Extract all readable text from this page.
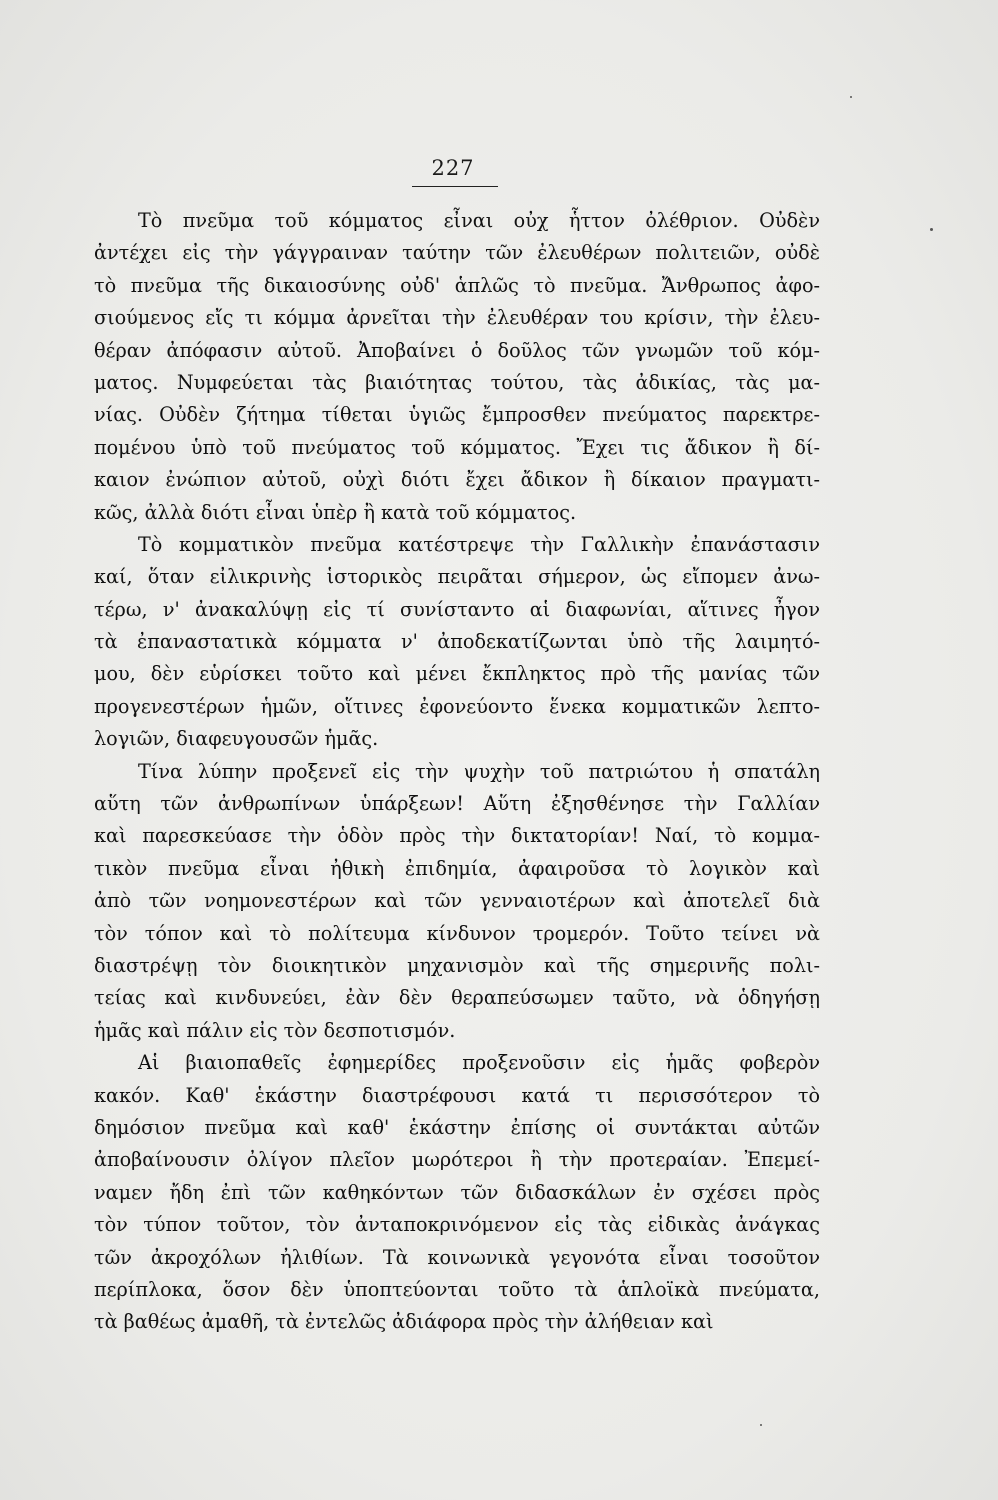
227
Τὸ πνεῦμα τοῦ κόμματος εἶναι οὐχ ἧττον ὀλέθριον. Οὐδὲν
ἀντέχει εἰς τὴν γάγγραιναν ταύτην τῶν ἐλευθέρων πολιτειῶν, οὐδὲ
τὸ πνεῦμα τῆς δικαιοσύνης οὐδ' ἁπλῶς τὸ πνεῦμα. Ἄνθρωπος ἀφο-
σιούμενος εἴς τι κόμμα ἀρνεῖται τὴν ἐλευθέραν του κρίσιν, τὴν ἐλευ-
θέραν ἀπόφασιν αὐτοῦ. Ἀποβαίνει ὁ δοῦλος τῶν γνωμῶν τοῦ κόμ-
ματος. Νυμφεύεται τὰς βιαιότητας τούτου, τὰς ἀδικίας, τὰς μα-
νίας. Οὐδὲν ζήτημα τίθεται ὑγιῶς ἔμπροσθεν πνεύματος παρεκτρε-
πομένου ὑπὸ τοῦ πνεύματος τοῦ κόμματος. Ἔχει τις ἄδικον ἢ δί-
καιον ἐνώπιον αὐτοῦ, οὐχὶ διότι ἔχει ἄδικον ἢ δίκαιον πραγματι-
κῶς, ἀλλὰ διότι εἶναι ὑπὲρ ἢ κατὰ τοῦ κόμματος.
Τὸ κομματικὸν πνεῦμα κατέστρεψε τὴν Γαλλικὴν ἐπανάστασιν
καί, ὅταν εἰλικρινὴς ἱστορικὸς πειρᾶται σήμερον, ὡς εἴπομεν ἀνω-
τέρω, ν' ἀνακαλύψῃ εἰς τί συνίσταντο αἱ διαφωνίαι, αἵτινες ἦγον
τὰ ἐπαναστατικὰ κόμματα ν' ἀποδεκατίζωνται ὑπὸ τῆς λαιμητό-
μου, δὲν εὑρίσκει τοῦτο καὶ μένει ἔκπληκτος πρὸ τῆς μανίας τῶν
προγενεστέρων ἡμῶν, οἵτινες ἐφονεύοντο ἕνεκα κομματικῶν λεπτο-
λογιῶν, διαφευγουσῶν ἡμᾶς.
Τίνα λύπην προξενεῖ εἰς τὴν ψυχὴν τοῦ πατριώτου ἡ σπατάλη
αὕτη τῶν ἀνθρωπίνων ὑπάρξεων! Αὕτη ἐξησθένησε τὴν Γαλλίαν
καὶ παρεσκεύασε τὴν ὁδὸν πρὸς τὴν δικτατορίαν! Ναί, τὸ κομμα-
τικὸν πνεῦμα εἶναι ἠθικὴ ἐπιδημία, ἀφαιροῦσα τὸ λογικὸν καὶ
ἀπὸ τῶν νοημονεστέρων καὶ τῶν γενναιοτέρων καὶ ἀποτελεῖ διὰ
τὸν τόπον καὶ τὸ πολίτευμα κίνδυνον τρομερόν. Τοῦτο τείνει νὰ
διαστρέψῃ τὸν διοικητικὸν μηχανισμὸν καὶ τῆς σημερινῆς πολι-
τείας καὶ κινδυνεύει, ἐὰν δὲν θεραπεύσωμεν ταῦτο, νὰ ὁδηγήσῃ
ἡμᾶς καὶ πάλιν εἰς τὸν δεσποτισμόν.
Αἱ βιαιοπαθεῖς ἐφημερίδες προξενοῦσιν εἰς ἡμᾶς φοβερὸν
κακόν. Καθ' ἑκάστην διαστρέφουσι κατά τι περισσότερον τὸ
δημόσιον πνεῦμα καὶ καθ' ἑκάστην ἐπίσης οἱ συντάκται αὐτῶν
ἀποβαίνουσιν ὀλίγον πλεῖον μωρότεροι ἢ τὴν προτεραίαν. Ἐπεμεί-
ναμεν ἤδη ἐπὶ τῶν καθηκόντων τῶν διδασκάλων ἐν σχέσει πρὸς
τὸν τύπον τοῦτον, τὸν ἀνταποκρινόμενον εἰς τὰς εἰδικὰς ἀνάγκας
τῶν ἀκροχόλων ἠλιθίων. Τὰ κοινωνικὰ γεγονότα εἶναι τοσοῦτον
περίπλοκα, ὅσον δὲν ὑποπτεύονται τοῦτο τὰ ἁπλοϊκὰ πνεύματα,
τὰ βαθέως ἀμαθῆ, τὰ ἐντελῶς ἀδιάφορα πρὸς τὴν ἀλήθειαν καὶ
